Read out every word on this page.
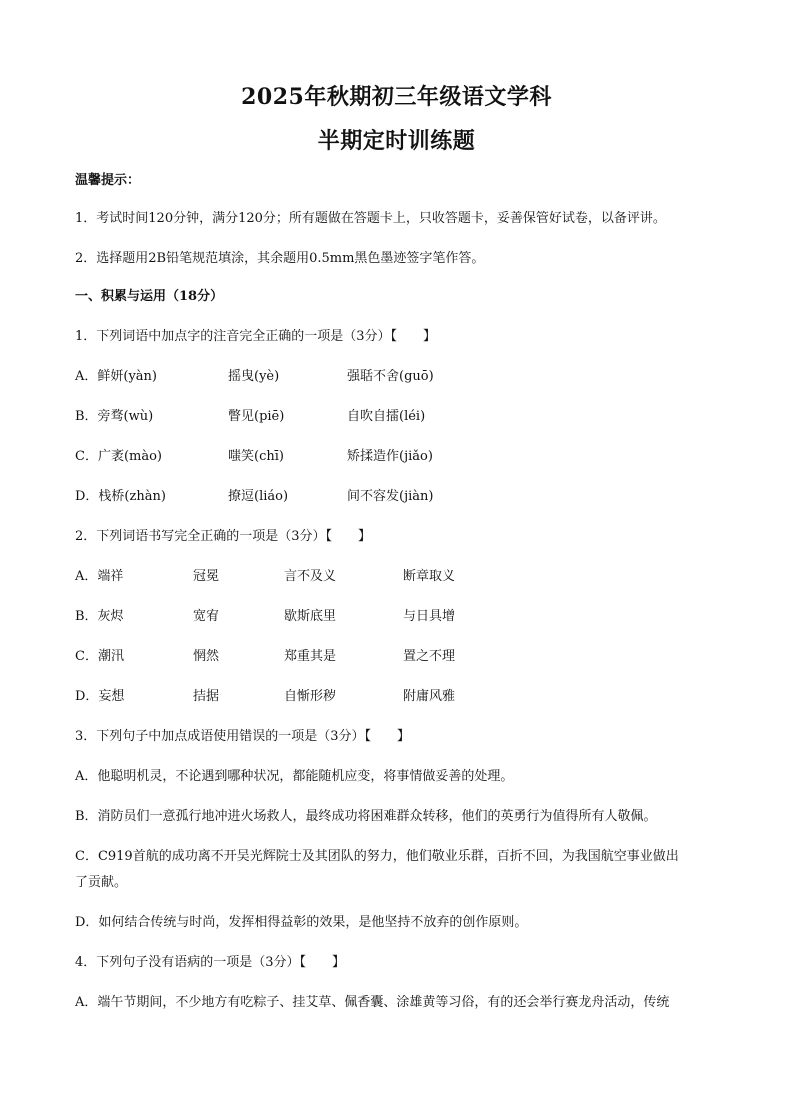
2025年秋期初三年级语文学科
半期定时训练题
温馨提示：
1．考试时间120分钟，满分120分；所有题做在答题卡上，只收答题卡，妥善保管好试卷，以备评讲。
2．选择题用2B铅笔规范填涂，其余题用0.5mm黑色墨迹签字笔作答。
一、积累与运用（18分）
1．下列词语中加点字的注音完全正确的一项是（3分）【　　】
A．鲜妍(yàn)	摇曳(yè)	强聒不舍(guō)
B．旁骛(wù)	瞥见(piē)	自吹自擂(léi)
C．广袤(mào)	嗤笑(chī)	矫揉造作(jiǎo)
D．栈桥(zhàn)	撩逗(liáo)	间不容发(jiàn)
2．下列词语书写完全正确的一项是（3分）【　　】
A．端祥	冠冕	言不及义	断章取义
B．灰烬	宽宥	歇斯底里	与日具增
C．潮汛	惘然	郑重其是	置之不理
D．妄想	拮据	自惭形秽	附庸风雅
3．下列句子中加点成语使用错误的一项是（3分）【　　】
A．他聪明机灵，不论遇到哪种状况，都能随机应变，将事情做妥善的处理。
B．消防员们一意孤行地冲进火场救人，最终成功将困难群众转移，他们的英勇行为值得所有人敬佩。
C．C919首航的成功离不开吴光辉院士及其团队的努力，他们敬业乐群，百折不回，为我国航空事业做出
了贡献。
D．如何结合传统与时尚，发挥相得益彰的效果，是他坚持不放弃的创作原则。
4．下列句子没有语病的一项是（3分）【　　】
A．端午节期间，不少地方有吃粽子、挂艾草、佩香囊、涂雄黄等习俗，有的还会举行赛龙舟活动，传统
